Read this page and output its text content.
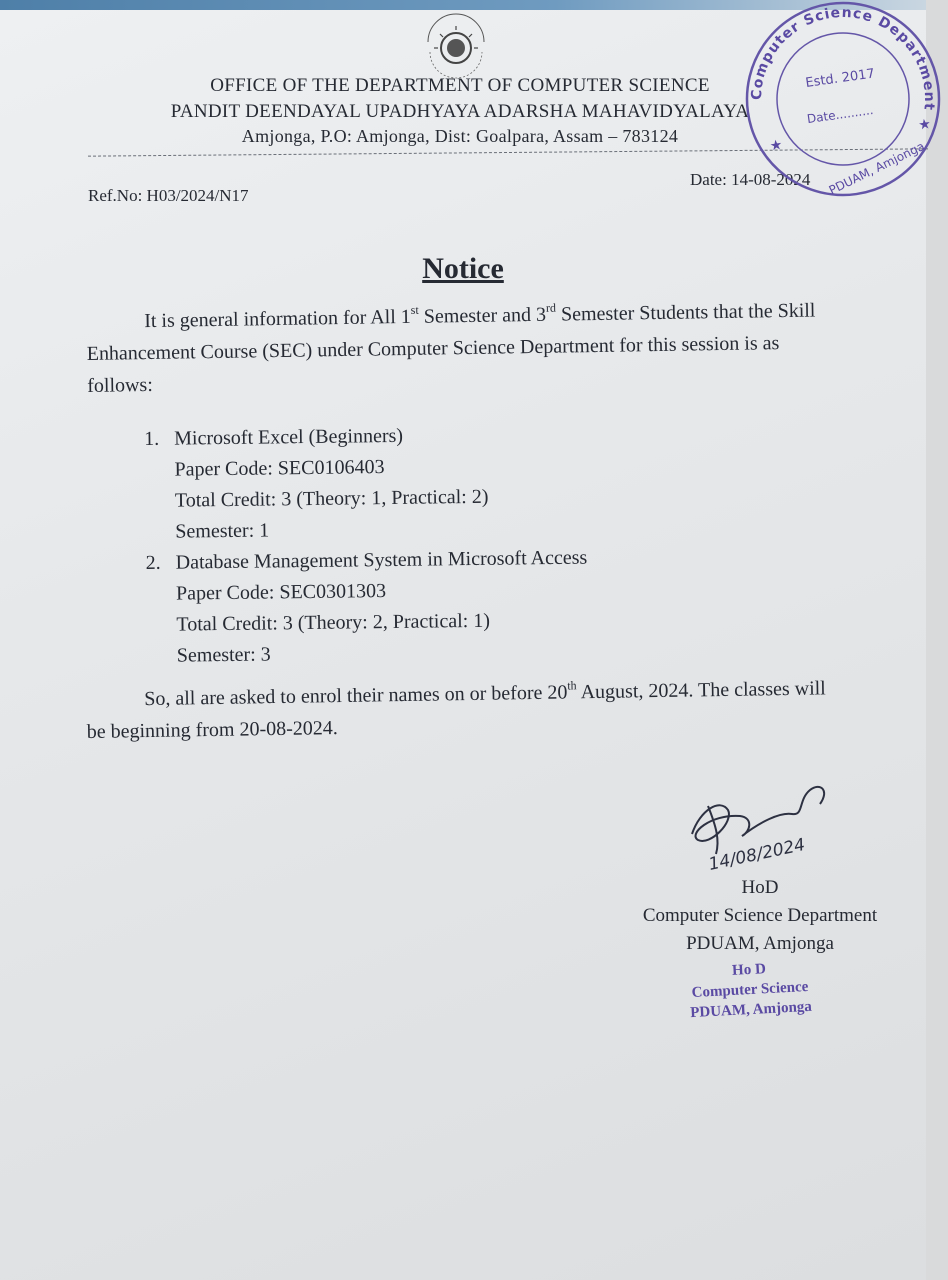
OFFICE OF THE DEPARTMENT OF COMPUTER SCIENCE
PANDIT DEENDAYAL UPADHYAYA ADARSHA MAHAVIDYALAYA
Amjonga, P.O: Amjonga, Dist: Goalpara, Assam – 783124
Ref.No: H03/2024/N17
Date: 14-08-2024
Notice
It is general information for All 1st Semester and 3rd Semester Students that the Skill Enhancement Course (SEC) under Computer Science Department for this session is as follows:
1. Microsoft Excel (Beginners)
Paper Code: SEC0106403
Total Credit: 3 (Theory: 1, Practical: 2)
Semester: 1
2. Database Management System in Microsoft Access
Paper Code: SEC0301303
Total Credit: 3 (Theory: 2, Practical: 1)
Semester: 3
So, all are asked to enrol their names on or before 20th August, 2024. The classes will be beginning from 20-08-2024.
14/08/2024
HoD
Computer Science Department
PDUAM, Amjonga
Ho D
Computer Science
PDUAM, Amjonga
Computer Science Department
Estd. 2017
Date..........
PDUAM, Amjonga
★
★
